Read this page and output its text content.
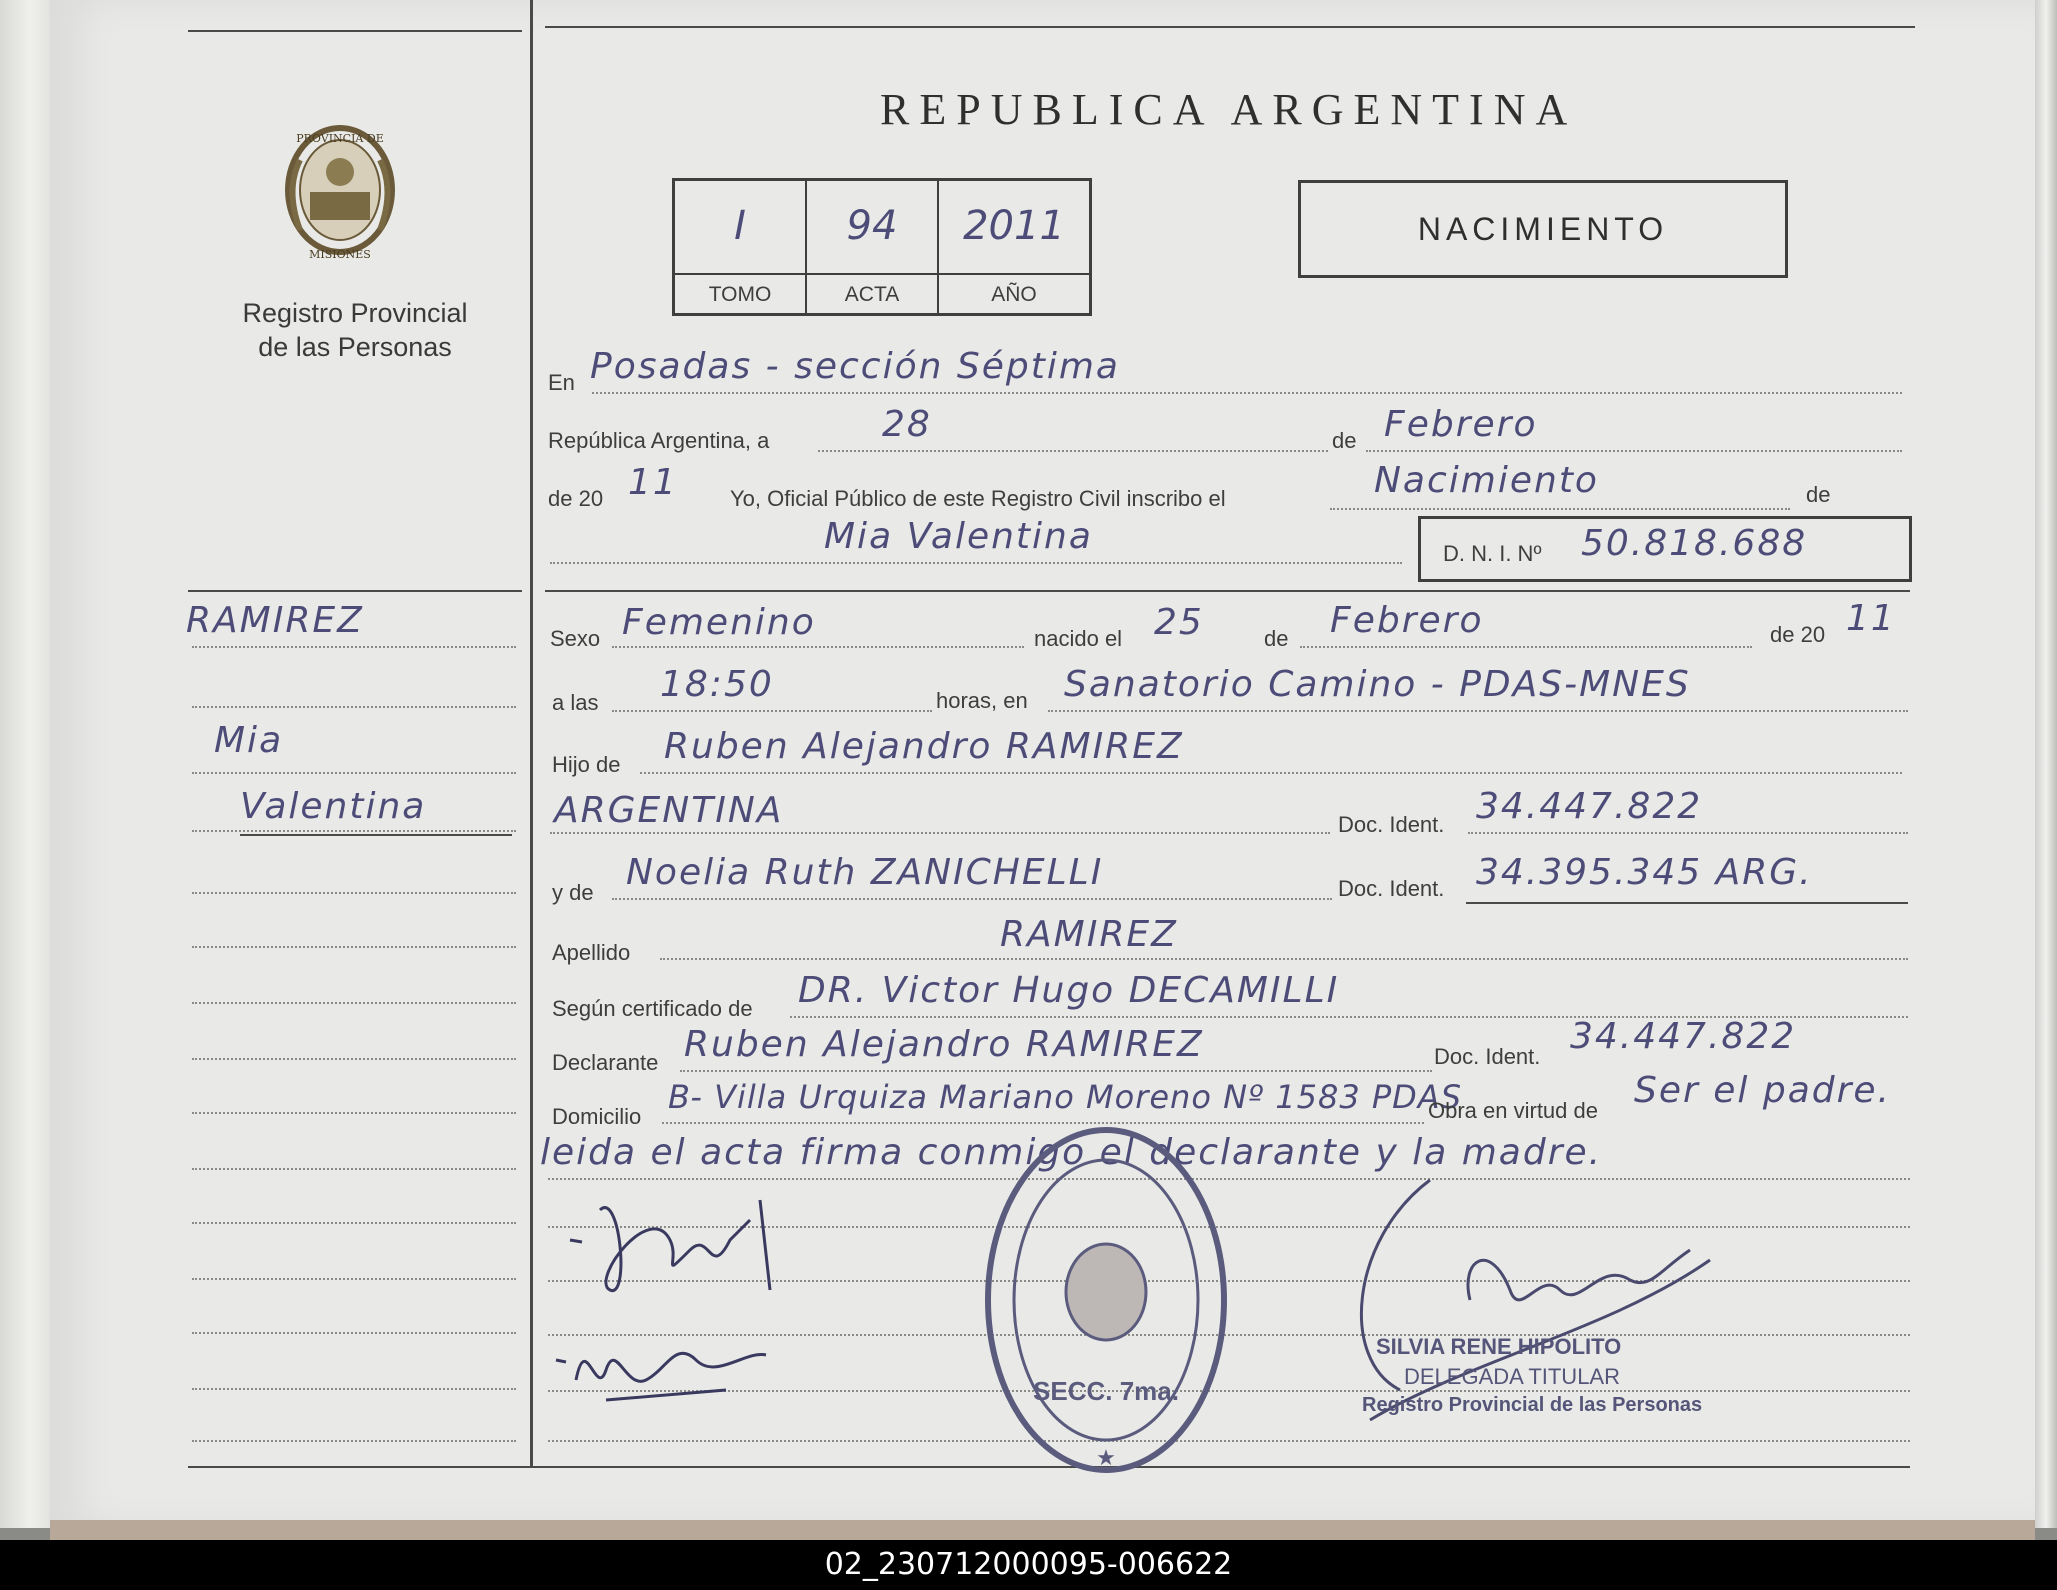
PROVINCIA DE
MISIONES
Registro Provincial
de las Personas
REPUBLICA ARGENTINA
I	94	2011
TOMO	ACTA	AÑO
NACIMIENTO
RAMIREZ
Mia
Valentina
En Posadas - sección Séptima
República Argentina, a	28	de Febrero
de 20 11 Yo, Oficial Público de este Registro Civil inscribo el	Nacimiento	de
Mia Valentina	D. N. I. Nº 50.818.688
Sexo Femenino	nacido el 25	de Febrero	de 20 11
a las 18:50	horas, en Sanatorio Camino - PDAS-MNES
Hijo de Ruben Alejandro RAMIREZ
ARGENTINA	Doc. Ident. 34.447.822
y de Noelia Ruth ZANICHELLI	Doc. Ident. 34.395.345 ARG.
Apellido	RAMIREZ
Según certificado de DR. Victor Hugo DECAMILLI
Declarante Ruben Alejandro RAMIREZ	Doc. Ident. 34.447.822
Domicilio
B- Villa Urquiza Mariano Moreno Nº 1583 PDAS
Obra en virtud de Ser el padre.
leida el acta firma conmigo el declarante y la madre.
SECC. 7ma.
★
SILVIA RENE HIPOLITO
DELEGADA TITULAR
Registro Provincial de las Personas
02_230712000095-006622
